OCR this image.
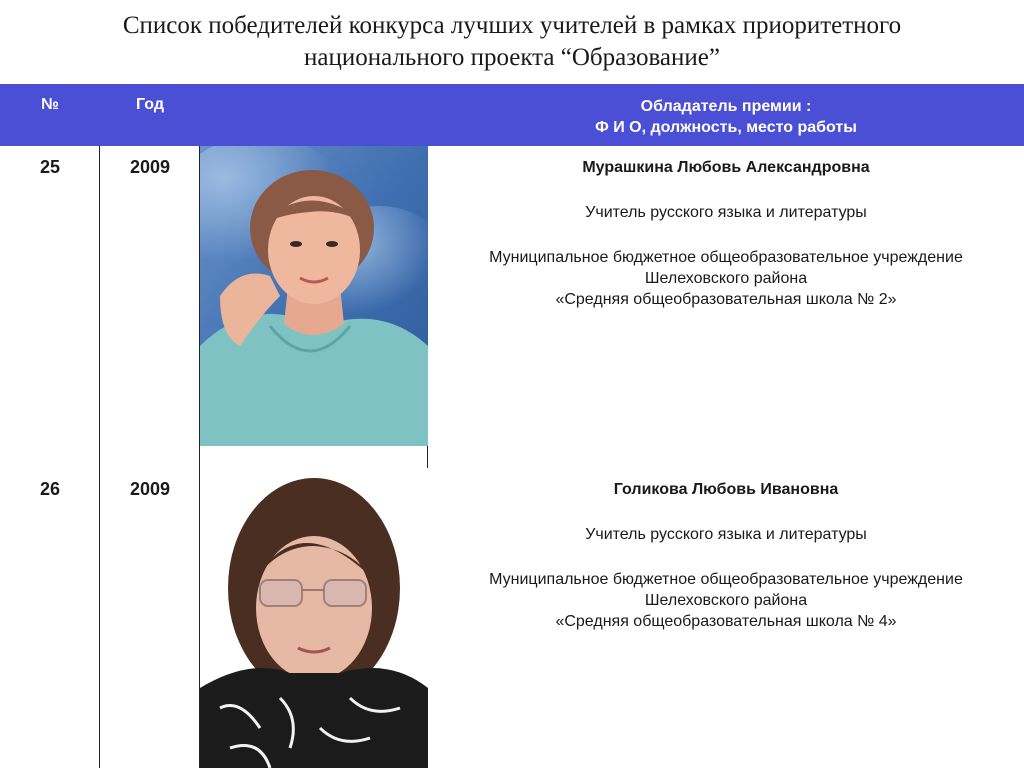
Список победителей конкурса лучших учителей в рамках приоритетного
национального проекта “Образование”
№	Год	Обладатель премии :
Ф И О, должность, место работы
25	2009	Мурашкина Любовь Александровна
Учитель русского языка и литературы
Муниципальное бюджетное общеобразовательное учреждение
Шелеховского района
«Средняя общеобразовательная школа № 2»
26	2009	Голикова Любовь Ивановна
Учитель русского языка и литературы
Муниципальное бюджетное общеобразовательное учреждение
Шелеховского района
«Средняя общеобразовательная школа № 4»
